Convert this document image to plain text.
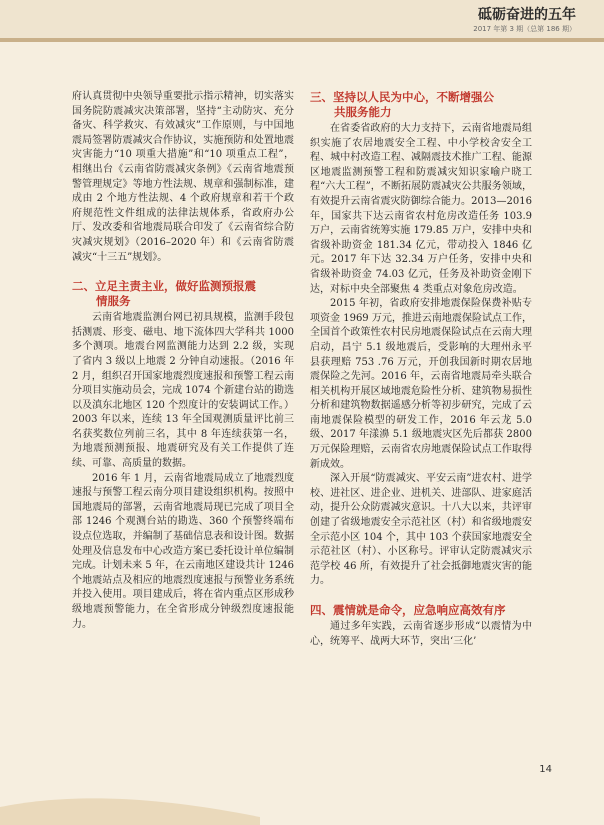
砥砺奋进的五年
2017 年第 3 期（总第 186 期）

府认真贯彻中央领导重要批示指示精神，切实落实国务院防震减灾决策部署，坚持“主动防灾、充分备灾、科学救灾、有效减灾”工作原则，与中国地震局签署防震减灾合作协议，实施预防和处置地震灾害能力“10 项重大措施”和“10 项重点工程”，相继出台《云南省防震减灾条例》《云南省地震预警管理规定》等地方性法规、规章和强制标准，建成由 2 个地方性法规、4 个政府规章和若干个政府规范性文件组成的法律法规体系，省政府办公厅、发改委和省地震局联合印发了《云南省综合防灾减灾规划》（2016–2020 年）和《云南省防震减灾“十三五”规划》。

二、立足主责主业，做好监测预报震
情服务

云南省地震监测台网已初具规模，监测手段包括测震、形变、磁电、地下流体四大学科共 1000 多个测项。地震台网监测能力达到 2.2 级，实现了省内 3 级以上地震 2 分钟自动速报。（2016 年 2 月，组织召开国家地震烈度速报和预警工程云南分项目实施动员会，完成 1074 个新建台站的勘选以及滇东北地区 120 个烈度计的安装调试工作。）2003 年以来，连续 13 年全国观测质量评比前三名获奖数位列前三名，其中 8 年连续获第一名，为地震预测预报、地震研究及有关工作提供了连续、可靠、高质量的数据。

2016 年 1 月，云南省地震局成立了地震烈度速报与预警工程云南分项目建设组织机构。按照中国地震局的部署，云南省地震局现已完成了项目全部 1246 个观测台站的勘选、360 个预警终端布设点位选取，并编制了基础信息表和设计图。数据处理及信息发布中心改造方案已委托设计单位编制完成。计划未来 5 年，在云南地区建设共计 1246 个地震站点及相应的地震烈度速报与预警业务系统并投入使用。项目建成后，将在省内重点区形成秒级地震预警能力，在全省形成分钟级烈度速报能力。

三、坚持以人民为中心，不断增强公
共服务能力

在省委省政府的大力支持下，云南省地震局组织实施了农居地震安全工程、中小学校舍安全工程、城中村改造工程、减隔震技术推广工程、能源区地震监测预警工程和防震减灾知识家喻户晓工程“六大工程”，不断拓展防震减灾公共服务领域，有效提升云南省震灾防御综合能力。2013—2016 年，国家共下达云南省农村危房改造任务 103.9 万户，云南省统筹实施 179.85 万户，安排中央和省级补助资金 181.34 亿元，带动投入 1846 亿元。2017 年下达 32.34 万户任务，安排中央和省级补助资金 74.03 亿元，任务及补助资金刚下达，对标中央全部聚焦 4 类重点对象危房改造。

2015 年初，省政府安排地震保险保费补贴专项资金 1969 万元，推进云南地震保险试点工作，全国首个政策性农村民房地震保险试点在云南大理启动，昌宁 5.1 级地震后，受影响的大理州永平县获理赔 753 .76 万元，开创我国新时期农居地震保险之先河。2016 年，云南省地震局牵头联合相关机构开展区域地震危险性分析、建筑物易损性分析和建筑物数据遥感分析等初步研究，完成了云南地震保险模型的研发工作，2016 年云龙 5.0 级、2017 年漾濞 5.1 级地震灾区先后都获 2800 万元保险理赔，云南省农房地震保险试点工作取得新成效。

深入开展“防震减灾、平安云南”进农村、进学校、进社区、进企业、进机关、进部队、进家庭活动，提升公众防震减灾意识。十八大以来，共评审创建了省级地震安全示范社区（村）和省级地震安全示范小区 104 个，其中 103 个获国家地震安全示范社区（村）、小区称号。评审认定防震减灾示范学校 46 所，有效提升了社会抵御地震灾害的能力。

四、震情就是命令，应急响应高效有序

通过多年实践，云南省逐步形成“以震情为中心，统筹平、战两大环节，突出‘三化’

14
